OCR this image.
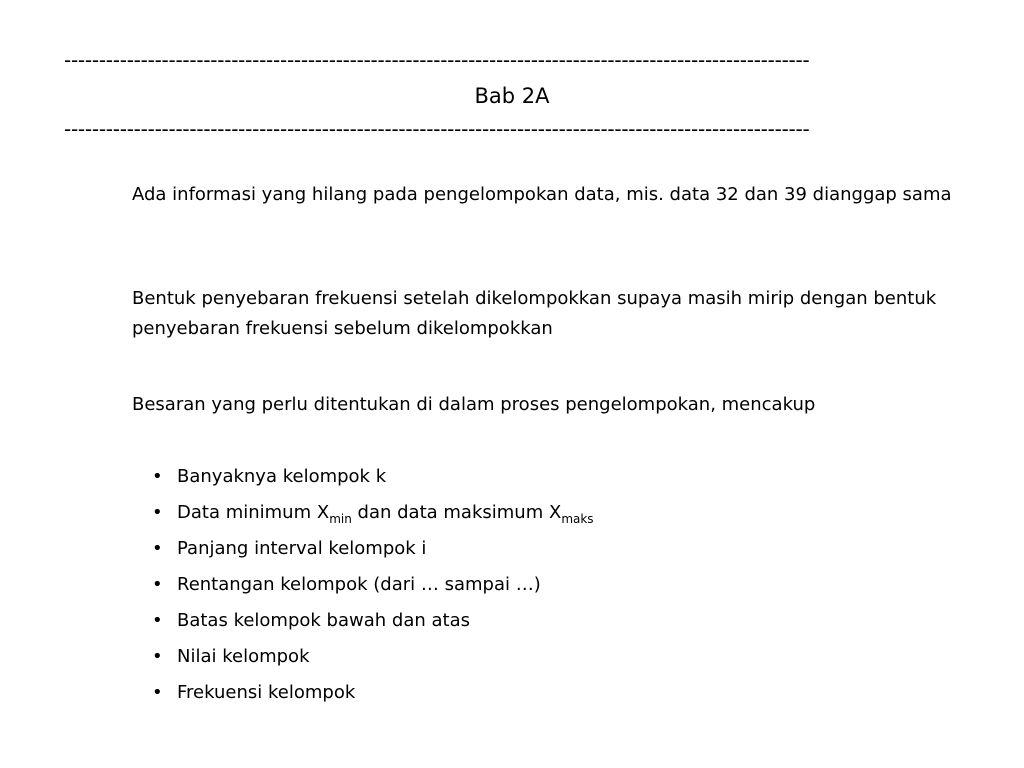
-----------------------------------------------------------------------------------------------------------
Bab 2A
-----------------------------------------------------------------------------------------------------------

Ada informasi yang hilang pada pengelompokan data, mis. data 32 dan 39 dianggap sama

Bentuk penyebaran frekuensi setelah dikelompokkan supaya masih mirip dengan bentuk penyebaran frekuensi sebelum dikelompokkan

Besaran yang perlu ditentukan di dalam proses pengelompokan, mencakup

• Banyaknya kelompok k
• Data minimum $X_{min}$ dan data maksimum $X_{maks}$
• Panjang interval kelompok i
• Rentangan kelompok (dari … sampai …)
• Batas kelompok bawah dan atas
• Nilai kelompok
• Frekuensi kelompok
